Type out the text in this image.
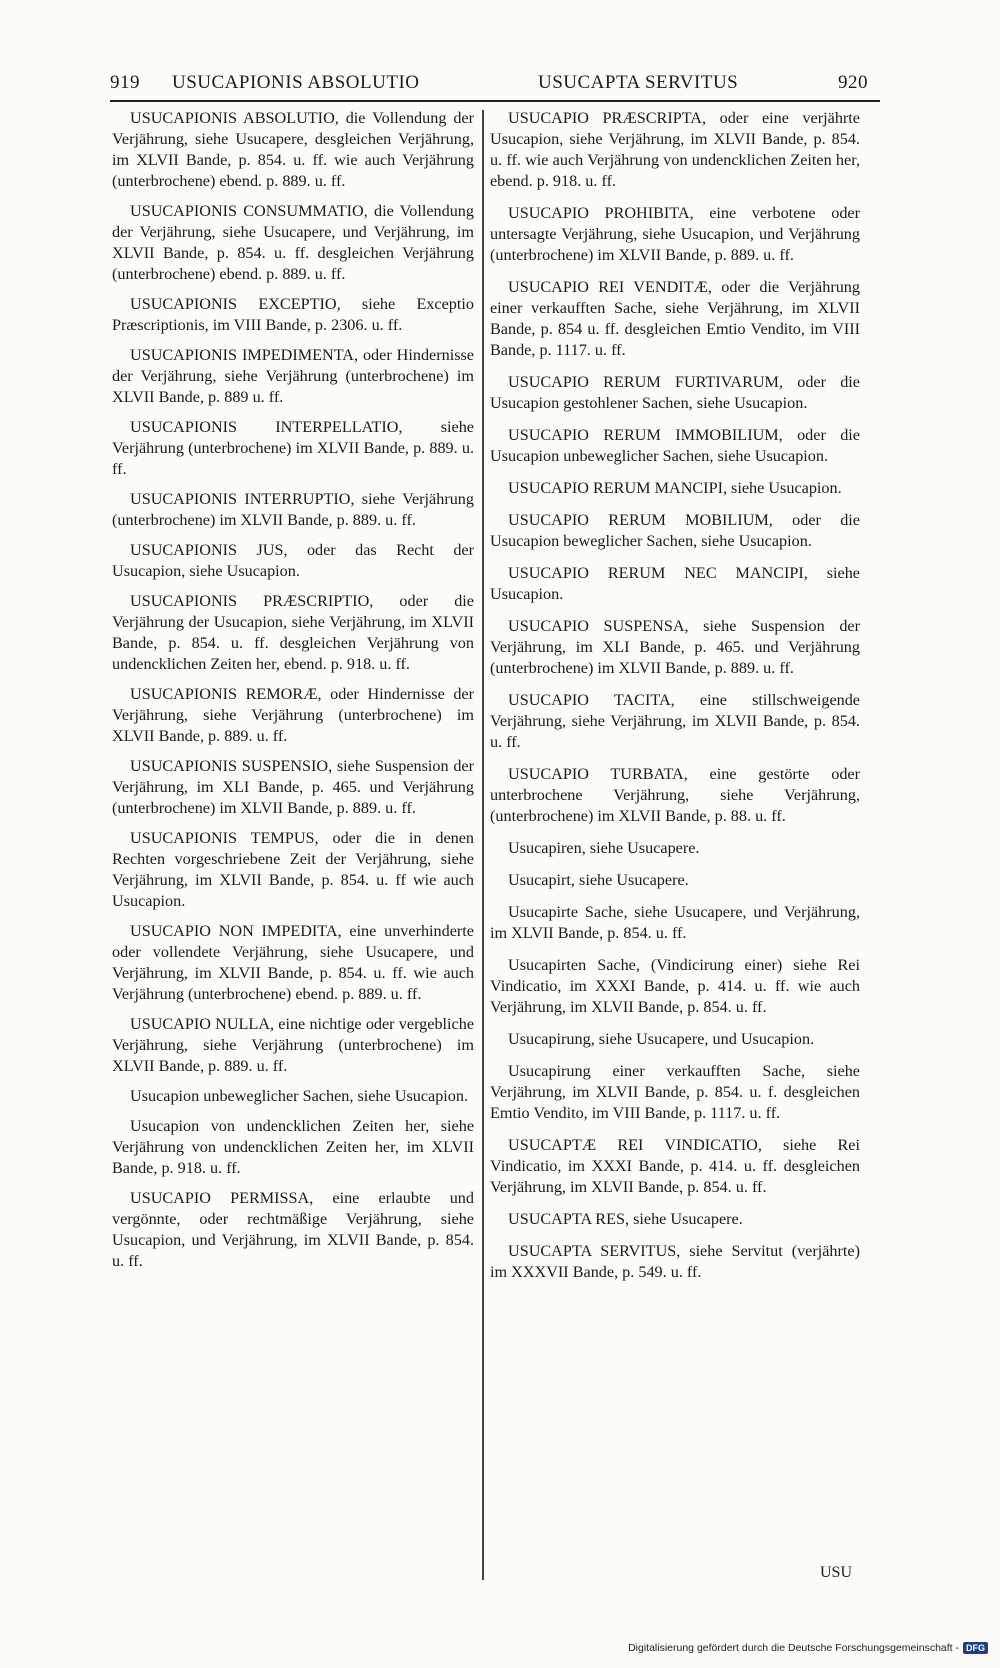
919 USUCAPIONIS ABSOLUTIO	USUCAPTA SERVITUS	920

USUCAPIONIS ABSOLUTIO, die Vollendung der Verjährung, siehe Usucapere, desgleichen Verjährung, im XLVII Bande, p. 854. u. ff. wie auch Verjährung (unterbrochene) ebend. p. 889. u. ff.

USUCAPIONIS CONSUMMATIO, die Vollendung der Verjährung, siehe Usucapere, und Verjährung, im XLVII Bande, p. 854. u. ff. desgleichen Verjährung (unterbrochene) ebend. p. 889. u. ff.

USUCAPIONIS EXCEPTIO, siehe Exceptio Præscriptionis, im VIII Bande, p. 2306. u. ff.

USUCAPIONIS IMPEDIMENTA, oder Hindernisse der Verjährung, siehe Verjährung (unterbrochene) im XLVII Bande, p. 889 u. ff.

USUCAPIONIS INTERPELLATIO, siehe Verjährung (unterbrochene) im XLVII Bande, p. 889. u. ff.

USUCAPIONIS INTERRUPTIO, siehe Verjährung (unterbrochene) im XLVII Bande, p. 889. u. ff.

USUCAPIONIS JUS, oder das Recht der Usucapion, siehe Usucapion.

USUCAPIONIS PRÆSCRIPTIO, oder die Verjährung der Usucapion, siehe Verjährung, im XLVII Bande, p. 854. u. ff. desgleichen Verjährung von undencklichen Zeiten her, ebend. p. 918. u. ff.

USUCAPIONIS REMORÆ, oder Hindernisse der Verjährung, siehe Verjährung (unterbrochene) im XLVII Bande, p. 889. u. ff.

USUCAPIONIS SUSPENSIO, siehe Suspension der Verjährung, im XLI Bande, p. 465. und Verjährung (unterbrochene) im XLVII Bande, p. 889. u. ff.

USUCAPIONIS TEMPUS, oder die in denen Rechten vorgeschriebene Zeit der Verjährung, siehe Verjährung, im XLVII Bande, p. 854. u. ff wie auch Usucapion.

USUCAPIO NON IMPEDITA, eine unverhinderte oder vollendete Verjährung, siehe Usucapere, und Verjährung, im XLVII Bande, p. 854. u. ff. wie auch Verjährung (unterbrochene) ebend. p. 889. u. ff.

USUCAPIO NULLA, eine nichtige oder vergebliche Verjährung, siehe Verjährung (unterbrochene) im XLVII Bande, p. 889. u. ff.

Usucapion unbeweglicher Sachen, siehe Usucapion.

Usucapion von undencklichen Zeiten her, siehe Verjährung von undencklichen Zeiten her, im XLVII Bande, p. 918. u. ff.

USUCAPIO PERMISSA, eine erlaubte und vergönnte, oder rechtmäßige Verjährung, siehe Usucapion, und Verjährung, im XLVII Bande, p. 854. u. ff.

USUCAPIO PRÆSCRIPTA, oder eine verjährte Usucapion, siehe Verjährung, im XLVII Bande, p. 854. u. ff. wie auch Verjährung von undencklichen Zeiten her, ebend. p. 918. u. ff.

USUCAPIO PROHIBITA, eine verbotene oder untersagte Verjährung, siehe Usucapion, und Verjährung (unterbrochene) im XLVII Bande, p. 889. u. ff.

USUCAPIO REI VENDITÆ, oder die Verjährung einer verkaufften Sache, siehe Verjährung, im XLVII Bande, p. 854 u. ff. desgleichen Emtio Vendito, im VIII Bande, p. 1117. u. ff.

USUCAPIO RERUM FURTIVARUM, oder die Usucapion gestohlener Sachen, siehe Usucapion.

USUCAPIO RERUM IMMOBILIUM, oder die Usucapion unbeweglicher Sachen, siehe Usucapion.

USUCAPIO RERUM MANCIPI, siehe Usucapion.

USUCAPIO RERUM MOBILIUM, oder die Usucapion beweglicher Sachen, siehe Usucapion.

USUCAPIO RERUM NEC MANCIPI, siehe Usucapion.

USUCAPIO SUSPENSA, siehe Suspension der Verjährung, im XLI Bande, p. 465. und Verjährung (unterbrochene) im XLVII Bande, p. 889. u. ff.

USUCAPIO TACITA, eine stillschweigende Verjährung, siehe Verjährung, im XLVII Bande, p. 854. u. ff.

USUCAPIO TURBATA, eine gestörte oder unterbrochene Verjährung, siehe Verjährung, (unterbrochene) im XLVII Bande, p. 88. u. ff.

Usucapiren, siehe Usucapere.

Usucapirt, siehe Usucapere.

Usucapirte Sache, siehe Usucapere, und Verjährung, im XLVII Bande, p. 854. u. ff.

Usucapirten Sache, (Vindicirung einer) siehe Rei Vindicatio, im XXXI Bande, p. 414. u. ff. wie auch Verjährung, im XLVII Bande, p. 854. u. ff.

Usucapirung, siehe Usucapere, und Usucapion.

Usucapirung einer verkaufften Sache, siehe Verjährung, im XLVII Bande, p. 854. u. f. desgleichen Emtio Vendito, im VIII Bande, p. 1117. u. ff.

USUCAPTÆ REI VINDICATIO, siehe Rei Vindicatio, im XXXI Bande, p. 414. u. ff. desgleichen Verjährung, im XLVII Bande, p. 854. u. ff.

USUCAPTA RES, siehe Usucapere.

USUCAPTA SERVITUS, siehe Servitut (verjährte) im XXXVII Bande, p. 549. u. ff.

USU
Digitalisierung gefördert durch die Deutsche Forschungsgemeinschaft - DFG
